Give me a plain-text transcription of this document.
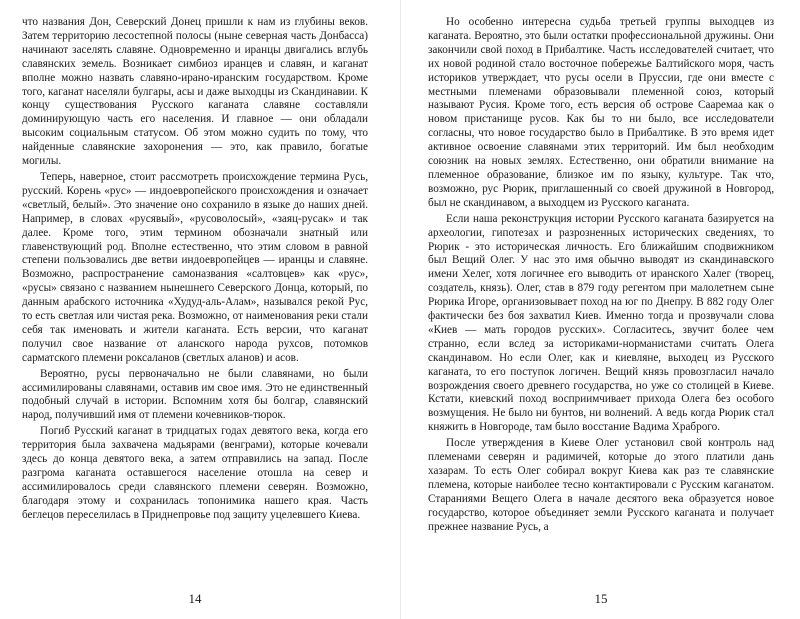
что названия Дон, Северский Донец пришли к нам из глубины веков. Затем территорию лесостепной полосы (ныне северная часть Донбасса) начинают заселять славяне. Одновременно и иранцы двигались вглубь славянских земель. Возникает симбиоз иранцев и славян, и каганат вполне можно назвать славяно-ирано-иранским государством. Кроме того, каганат населяли булгары, асы и даже выходцы из Скандинавии. К концу существования Русского каганата славяне составляли доминирующую часть его населения. И главное — они обладали высоким социальным статусом. Об этом можно судить по тому, что найденные славянские захоронения — это, как правило, богатые могилы.

Теперь, наверное, стоит рассмотреть происхождение термина Русь, русский. Корень «рус» — индоевропейского происхождения и означает «светлый, белый». Это значение оно сохранило в языке до наших дней. Например, в словах «русявый», «русоволосый», «заяц-русак» и так далее. Кроме того, этим термином обозначали знатный или главенствующий род. Вполне естественно, что этим словом в равной степени пользовались две ветви индоевропейцев — иранцы и славяне. Возможно, распространение самоназвания «салтовцев» как «рус», «русы» связано с названием нынешнего Северского Донца, который, по данным арабского источника «Худуд-аль-Алам», назывался рекой Рус, то есть светлая или чистая река. Возможно, от наименования реки стали себя так именовать и жители каганата. Есть версии, что каганат получил свое название от аланского народа рухсов, потомков сарматского племени роксаланов (светлых аланов) и асов.

Вероятно, русы первоначально не были славянами, но были ассимилированы славянами, оставив им свое имя. Это не единственный подобный случай в истории. Вспомним хотя бы болгар, славянский народ, получивший имя от племени кочевников-тюрок.

Погиб Русский каганат в тридцатых годах девятого века, когда его территория была захвачена мадьярами (венграми), которые кочевали здесь до конца девятого века, а затем отправились на запад. После разгрома каганата оставшегося население отошла на север и ассимилировалось среди славянского племени северян. Возможно, благодаря этому и сохранилась топонимика нашего края. Часть беглецов переселилась в Приднепровье под защиту уцелевшего Киева.

14

Но особенно интересна судьба третьей группы выходцев из каганата. Вероятно, это были остатки профессиональной дружины. Они закончили свой поход в Прибалтике. Часть исследователей считает, что их новой родиной стало восточное побережье Балтийского моря, часть историков утверждает, что русы осели в Пруссии, где они вместе с местными племенами образовывали племенной союз, который называют Русия. Кроме того, есть версия об острове Сааремаа как о новом пристанище русов. Как бы то ни было, все исследователи согласны, что новое государство было в Прибалтике. В это время идет активное освоение славянами этих территорий. Им был необходим союзник на новых землях. Естественно, они обратили внимание на племенное образование, близкое им по языку, культуре. Так что, возможно, рус Рюрик, приглашенный со своей дружиной в Новгород, был не скандинавом, а выходцем из Русского каганата.

Если наша реконструкция истории Русского каганата базируется на археологии, гипотезах и разрозненных исторических сведениях, то Рюрик - это историческая личность. Его ближайшим сподвижником был Вещий Олег. У нас это имя обычно выводят из скандинавского имени Хелег, хотя логичнее его выводить от иранского Халег (творец, создатель, князь). Олег, став в 879 году регентом при малолетнем сыне Рюрика Игоре, организовывает поход на юг по Днепру. В 882 году Олег фактически без боя захватил Киев. Именно тогда и прозвучали слова «Киев — мать городов русских». Согласитесь, звучит более чем странно, если вслед за историками-норманистами считать Олега скандинавом. Но если Олег, как и киевляне, выходец из Русского каганата, то его поступок логичен. Вещий князь провозгласил начало возрождения своего древнего государства, но уже со столицей в Киеве. Кстати, киевский поход восприимчивает прихода Олега без особого возмущения. Не было ни бунтов, ни волнений. А ведь когда Рюрик стал княжить в Новгороде, там было восстание Вадима Храброго.

После утверждения в Киеве Олег установил свой контроль над племенами северян и радимичей, которые до этого платили дань хазарам. То есть Олег собирал вокруг Киева как раз те славянские племена, которые наиболее тесно контактировали с Русским каганатом. Стараниями Вещего Олега в начале десятого века образуется новое государство, которое объединяет земли Русского каганата и получает прежнее название Русь, а

15
